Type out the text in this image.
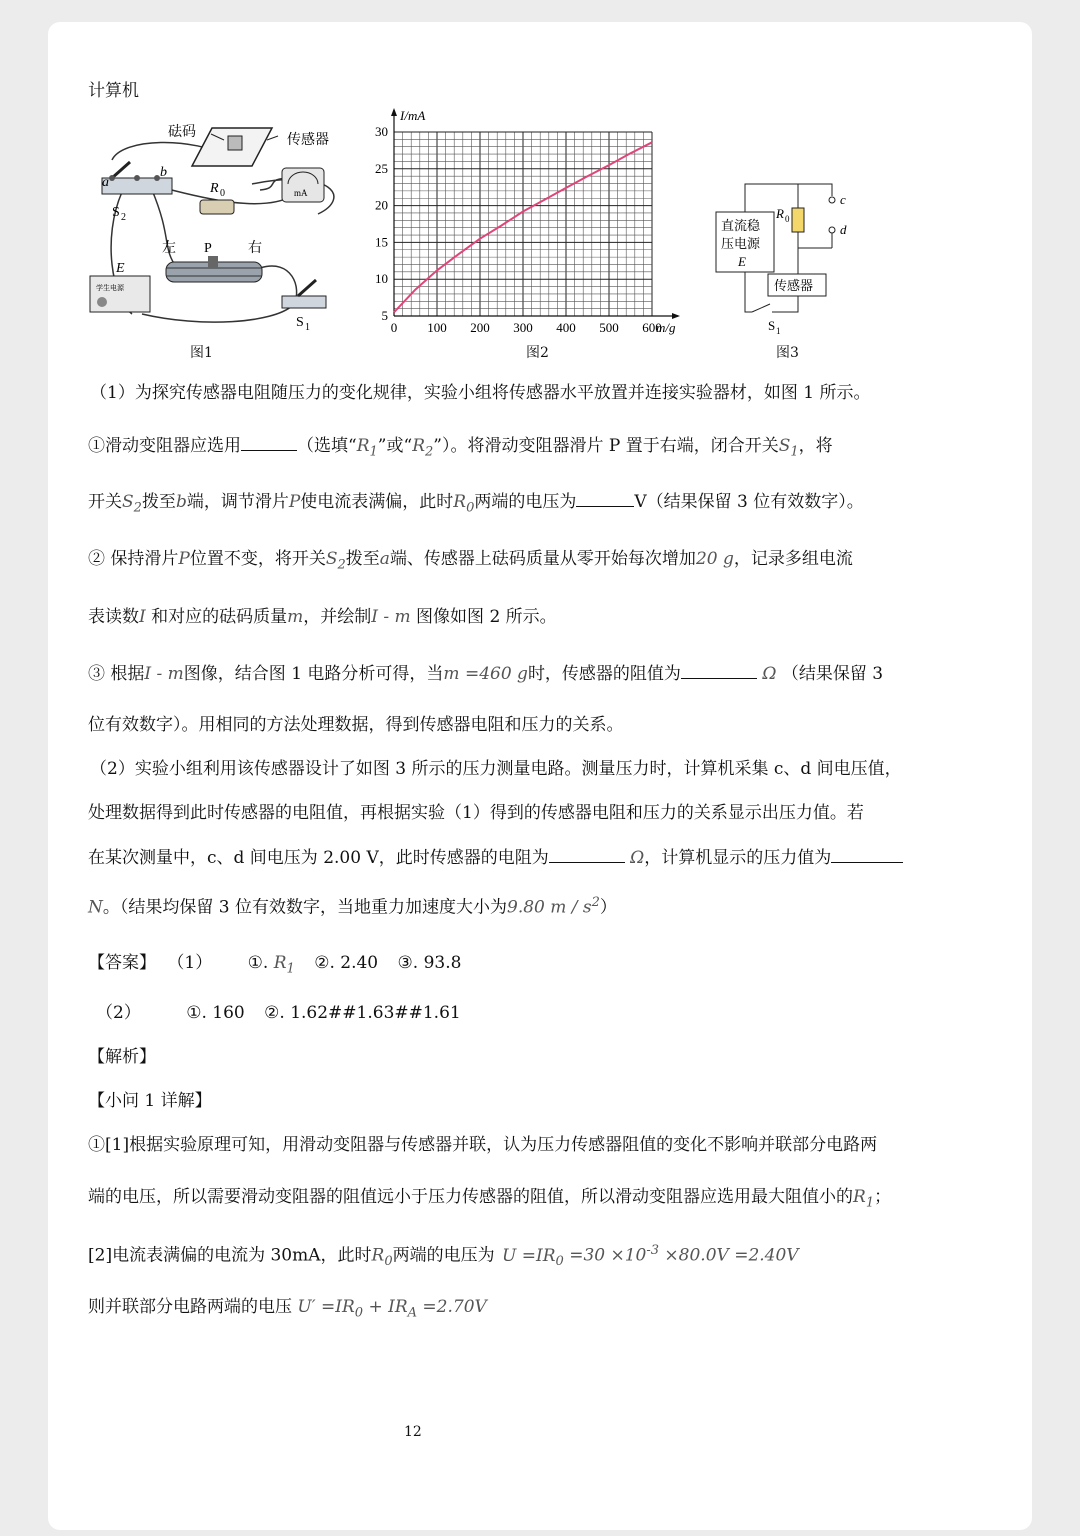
计算机
砝码
传感器
a
b
S 2
R 0	mA
左 P	右
学生电源
E
S 1
图1
0 100 200 300 400 500 600
5
10
15
20
25
30
I/mA
m/g
图2
直流稳
压电源
E
传感器
R 0
c
d
S 1
图3
（1）为探究传感器电阻随压力的变化规律，实验小组将传感器水平放置并连接实验器材，如图 1 所示。
①滑动变阻器应选用	（选填“$R_1$”或“$R_2$”）。将滑动变阻器滑片 P 置于右端，闭合开关$S_1$，将
开关$S_2$拨至b端，调节滑片P使电流表满偏，此时$R_0$两端的电压为	V（结果保留 3 位有效数字）。
② 保持滑片P位置不变，将开关$S_2$拨至a端、传感器上砝码质量从零开始每次增加20 g，记录多组电流
表读数I 和对应的砝码质量m，并绘制I - m 图像如图 2 所示。
③ 根据I - m图像，结合图 1 电路分析可得，当m =460 g时，传感器的阻值为	Ω （结果保留 3
位有效数字）。用相同的方法处理数据，得到传感器电阻和压力的关系。
（2）实验小组利用该传感器设计了如图 3 所示的压力测量电路。测量压力时，计算机采集 c、d 间电压值，
处理数据得到此时传感器的电阻值，再根据实验（1）得到的传感器电阻和压力的关系显示出压力值。若
在某次测量中，c、d 间电压为 2.00 V，此时传感器的电阻为	Ω，计算机显示的压力值为
N。（结果均保留 3 位有效数字，当地重力加速度大小为9.80 m / $s^2$）
【答案】 （1） ①. $R_1$ ②. 2.40 ③. 93.8
（2）	①. 160 ②. 1.62##1.63##1.61
【解析】
【小问 1 详解】
①[1]根据实验原理可知，用滑动变阻器与传感器并联，认为压力传感器阻值的变化不影响并联部分电路两
端的电压，所以需要滑动变阻器的阻值远小于压力传感器的阻值，所以滑动变阻器应选用最大阻值小的$R_1$；
[2]电流表满偏的电流为 30mA，此时$R_0$两端的电压为 $U =IR_0 =30 \times 10^{-3} \times 80.0V =2.40V$
则并联部分电路两端的电压 $U' =IR_0 + IR_A =2.70V$
12
